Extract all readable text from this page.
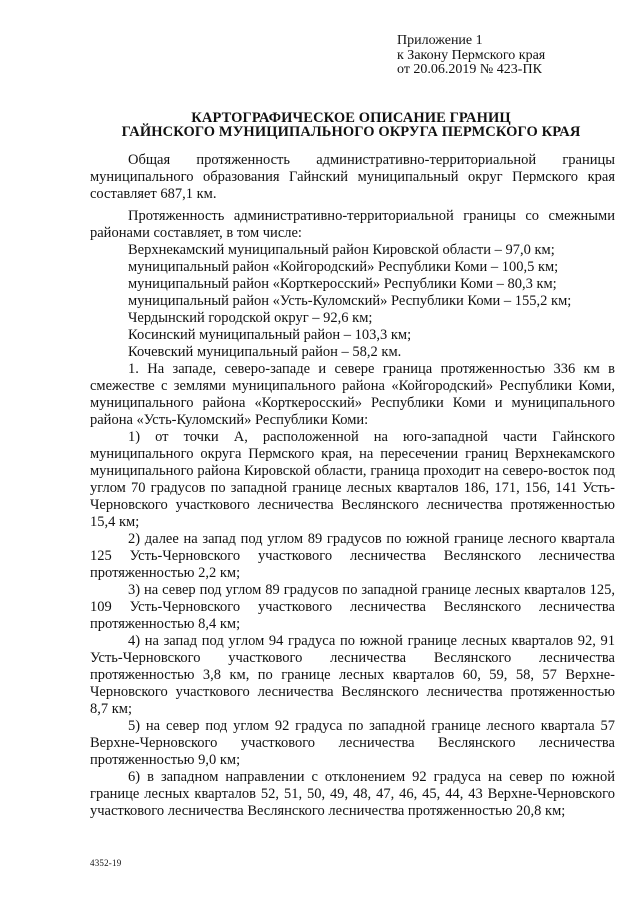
Приложение 1
к Закону Пермского края
от 20.06.2019 № 423-ПК
КАРТОГРАФИЧЕСКОЕ ОПИСАНИЕ ГРАНИЦ
ГАЙНСКОГО МУНИЦИПАЛЬНОГО ОКРУГА ПЕРМСКОГО КРАЯ

Общая протяженность административно-территориальной границы муниципального образования Гайнский муниципальный округ Пермского края составляет 687,1 км.

Протяженность административно-территориальной границы со смежными районами составляет, в том числе:

Верхнекамский муниципальный район Кировской области – 97,0 км;

муниципальный район «Койгородский» Республики Коми – 100,5 км;

муниципальный район «Корткеросский» Республики Коми – 80,3 км;

муниципальный район «Усть-Куломский» Республики Коми – 155,2 км;

Чердынский городской округ – 92,6 км;

Косинский муниципальный район – 103,3 км;

Кочевский муниципальный район – 58,2 км.

1. На западе, северо-западе и севере граница протяженностью 336 км в смежестве с землями муниципального района «Койгородский» Республики Коми, муниципального района «Корткеросский» Республики Коми и муниципального района «Усть-Куломский» Республики Коми:

1) от точки А, расположенной на юго-западной части Гайнского муниципального округа Пермского края, на пересечении границ Верхнекамского муниципального района Кировской области, граница проходит на северо-восток под углом 70 градусов по западной границе лесных кварталов 186, 171, 156, 141 Усть-Черновского участкового лесничества Веслянского лесничества протяженностью 15,4 км;

2) далее на запад под углом 89 градусов по южной границе лесного квартала 125 Усть-Черновского участкового лесничества Веслянского лесничества протяженностью 2,2 км;

3) на север под углом 89 градусов по западной границе лесных кварталов 125, 109 Усть-Черновского участкового лесничества Веслянского лесничества протяженностью 8,4 км;

4) на запад под углом 94 градуса по южной границе лесных кварталов 92, 91 Усть-Черновского участкового лесничества Веслянского лесничества протяженностью 3,8 км, по границе лесных кварталов 60, 59, 58, 57 Верхне-Черновского участкового лесничества Веслянского лесничества протяженностью 8,7 км;

5) на север под углом 92 градуса по западной границе лесного квартала 57 Верхне-Черновского участкового лесничества Веслянского лесничества протяженностью 9,0 км;

6) в западном направлении с отклонением 92 градуса на север по южной границе лесных кварталов 52, 51, 50, 49, 48, 47, 46, 45, 44, 43 Верхне-Черновского участкового лесничества Веслянского лесничества протяженностью 20,8 км;

4352-19
